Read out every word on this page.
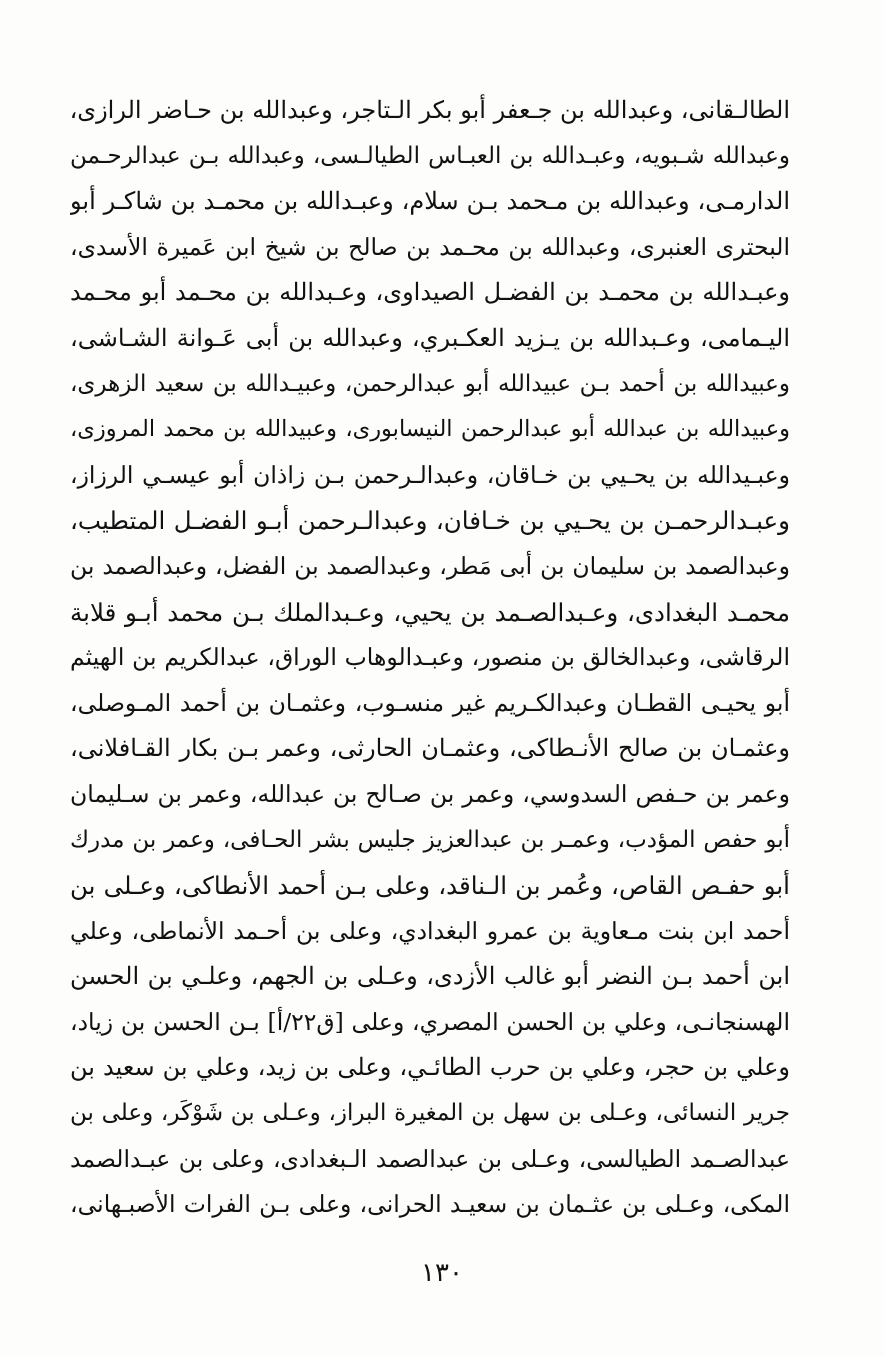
الطالـقانى، وعبدالله بن جـعفر أبو بكر الـتاجر، وعبدالله بن حـاضر الرازى،
وعبدالله شـبويه، وعبـدالله بن العبـاس الطيالـسى، وعبدالله بـن عبدالرحـمن
الدارمـى، وعبدالله بن مـحمد بـن سلام، وعبـدالله بن محمـد بن شاكـر أبو
البحترى العنبرى، وعبدالله بن محـمد بن صالح بن شيخ ابن عَميرة الأسدى،
وعبـدالله بن محمـد بن الفضـل الصيداوى، وعـبدالله بن محـمد أبو محـمد
اليـمامى، وعـبدالله بن يـزيد العكـبري، وعبدالله بن أبى عَـوانة الشـاشى،
وعبيدالله بن أحمد بـن عبيدالله أبو عبدالرحمن، وعبيـدالله بن سعيد الزهرى،
وعبيدالله بن عبدالله أبو عبدالرحمن النيسابورى، وعبيدالله بن محمد المروزى،
وعبـيدالله بن يحـيي بن خـاقان، وعبدالـرحمن بـن زاذان أبو عيسـي الرزاز،
وعبـدالرحمـن بن يحـيي بن خـافان، وعبدالـرحمن أبـو الفضـل المتطيب،
وعبدالصمد بن سليمان بن أبى مَطر، وعبدالصمد بن الفضل، وعبدالصمد بن
محمـد البغدادى، وعـبدالصـمد بن يحيي، وعـبدالملك بـن محمد أبـو قلابة
الرقاشى، وعبدالخالق بن منصور، وعبـدالوهاب الوراق، عبدالكريم بن الهيثم
أبو يحيـى القطـان وعبدالكـريم غير منسـوب، وعثمـان بن أحمد المـوصلى،
وعثمـان بن صالح الأنـطاكى، وعثمـان الحارثى، وعمر بـن بكار القـافلانى،
وعمر بن حـفص السدوسي، وعمر بن صـالح بن عبدالله، وعمر بن سـليمان
أبو حفص المؤدب، وعمـر بن عبدالعزيز جليس بشر الحـافى، وعمر بن مدرك
أبو حفـص القاص، وعُمر بن الـناقد، وعلى بـن أحمد الأنطاكى، وعـلى بن
أحمد ابن بنت مـعاوية بن عمرو البغدادي، وعلى بن أحـمد الأنماطى، وعلي
ابن أحمد بـن النضر أبو غالب الأزدى، وعـلى بن الجهم، وعلـي بن الحسن
الهسنجانـى، وعلي بن الحسن المصري، وعلى [ق٢٢/أ] بـن الحسن بن زياد،
وعلي بن حجر، وعلي بن حرب الطائـي، وعلى بن زيد، وعلي بن سعيد بن
جرير النسائى، وعـلى بن سهل بن المغيرة البراز، وعـلى بن شَوْكَر، وعلى بن
عبدالصـمد الطيالسى، وعـلى بن عبدالصمد الـبغدادى، وعلى بن عبـدالصمد
المكى، وعـلى بن عثـمان بن سعيـد الحرانى، وعلى بـن الفرات الأصبـهانى،
١٣٠
